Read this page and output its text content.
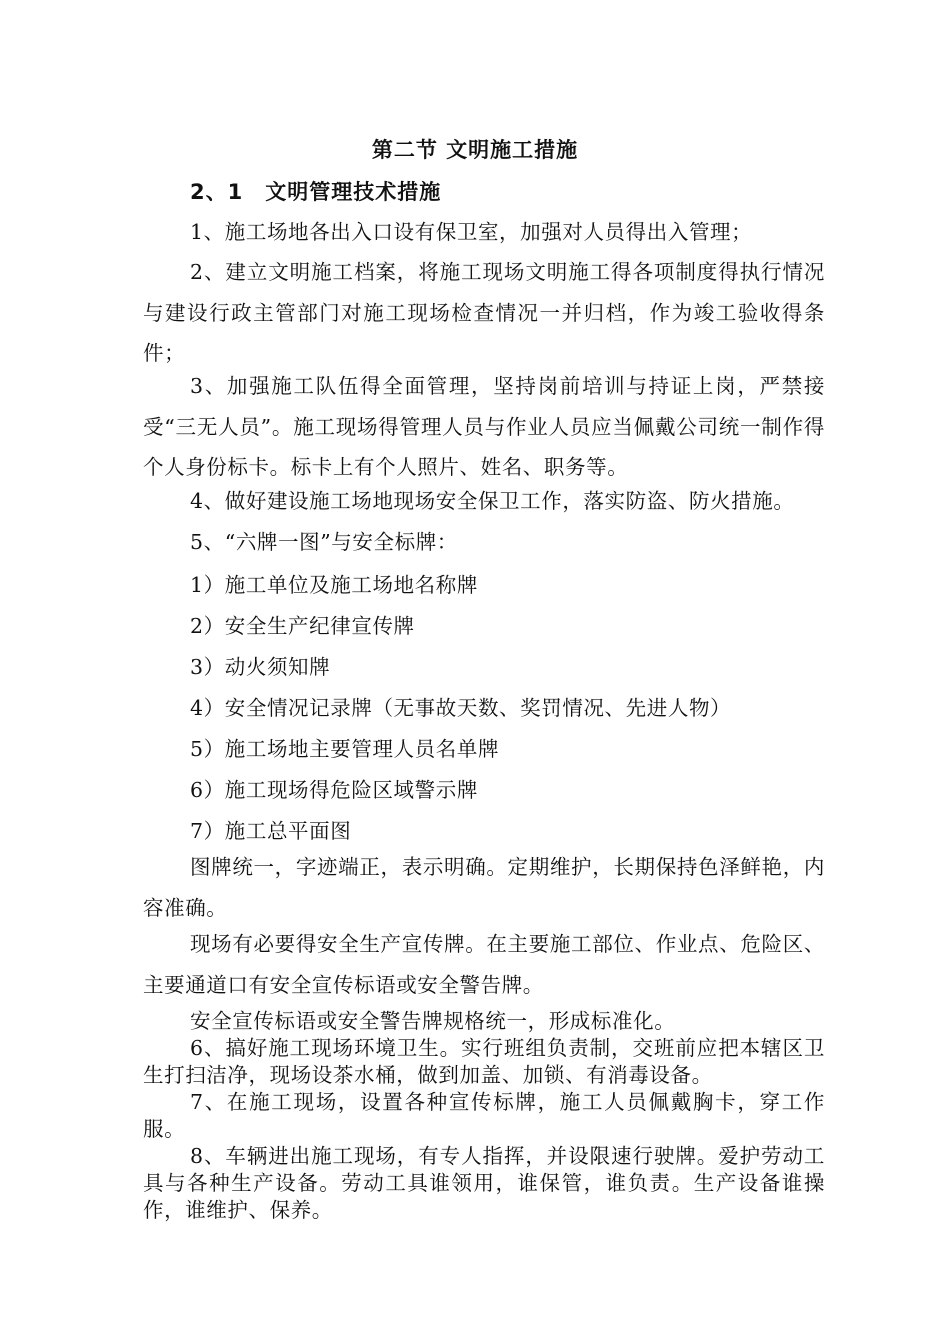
第二节 文明施工措施
2、1　文明管理技术措施
1、施工场地各出入口设有保卫室，加强对人员得出入管理；
2、建立文明施工档案，将施工现场文明施工得各项制度得执行情况与建设行政主管部门对施工现场检查情况一并归档，作为竣工验收得条件；
3、加强施工队伍得全面管理，坚持岗前培训与持证上岗，严禁接受“三无人员”。施工现场得管理人员与作业人员应当佩戴公司统一制作得个人身份标卡。标卡上有个人照片、姓名、职务等。
4、做好建设施工场地现场安全保卫工作，落实防盗、防火措施。
5、“六牌一图”与安全标牌：
1）施工单位及施工场地名称牌
2）安全生产纪律宣传牌
3）动火须知牌
4）安全情况记录牌（无事故天数、奖罚情况、先进人物）
5）施工场地主要管理人员名单牌
6）施工现场得危险区域警示牌
7）施工总平面图
图牌统一，字迹端正，表示明确。定期维护，长期保持色泽鲜艳，内容准确。
现场有必要得安全生产宣传牌。在主要施工部位、作业点、危险区、主要通道口有安全宣传标语或安全警告牌。
安全宣传标语或安全警告牌规格统一，形成标准化。
6、搞好施工现场环境卫生。实行班组负责制，交班前应把本辖区卫生打扫洁净，现场设茶水桶，做到加盖、加锁、有消毒设备。
7、在施工现场，设置各种宣传标牌，施工人员佩戴胸卡，穿工作服。
8、车辆进出施工现场，有专人指挥，并设限速行驶牌。爱护劳动工具与各种生产设备。劳动工具谁领用，谁保管，谁负责。生产设备谁操作，谁维护、保养。
